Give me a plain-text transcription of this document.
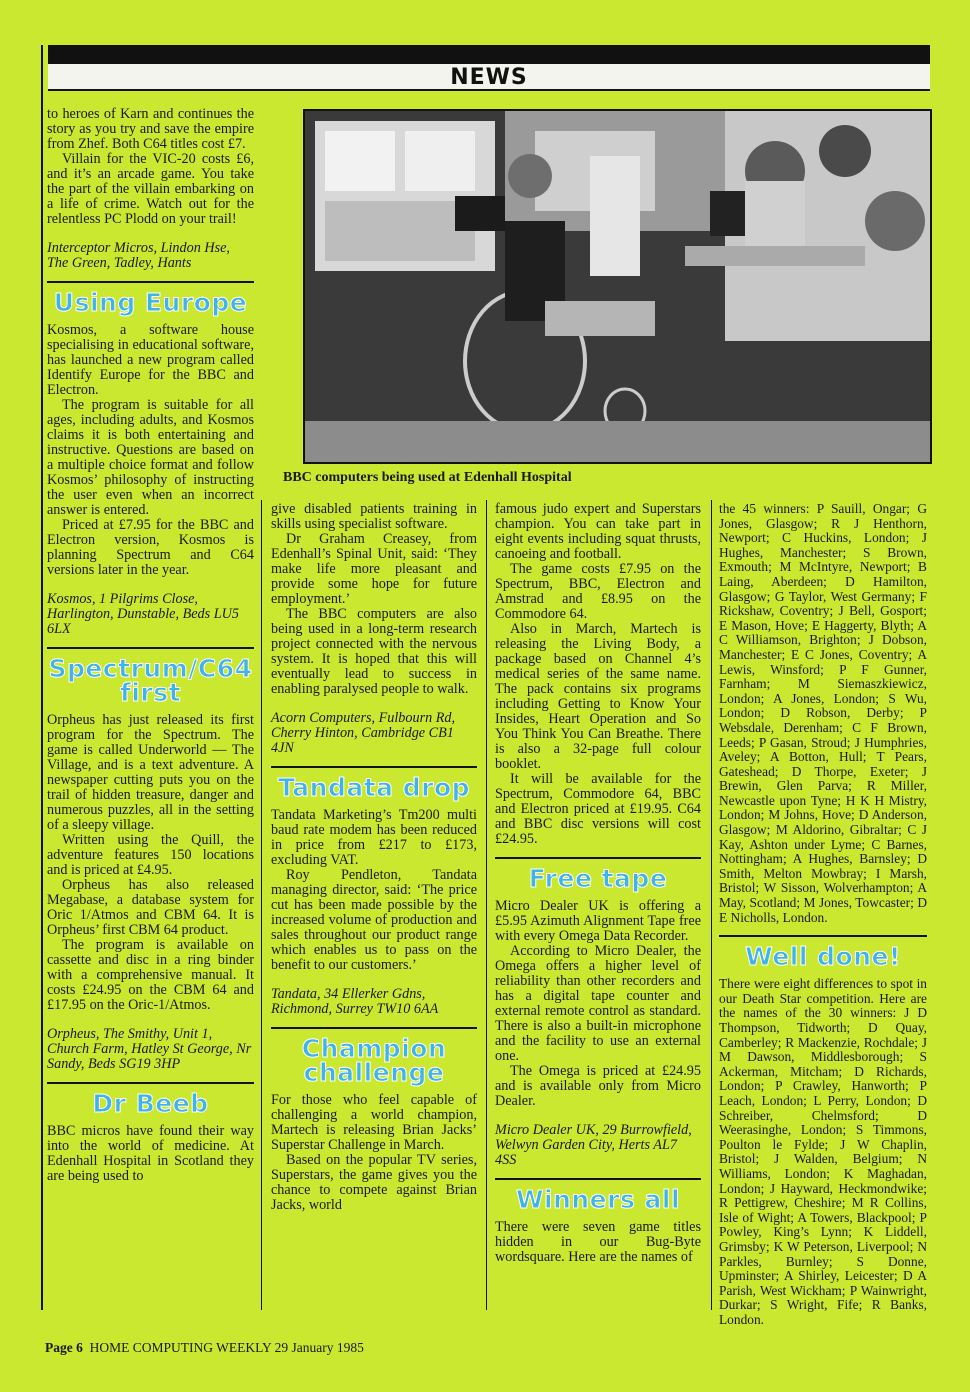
NEWS
BBC computers being used at Edenhall Hospital

to heroes of Karn and continues the story as you try and save the empire from Zhef. Both C64 titles cost £7.

Villain for the VIC-20 costs £6, and it’s an arcade game. You take the part of the villain embarking on a life of crime. Watch out for the relentless PC Plodd on your trail!

Interceptor Micros, Lindon Hse, The Green, Tadley, Hants

Using Europe

Kosmos, a software house specialising in educational software, has launched a new program called Identify Europe for the BBC and Electron.

The program is suitable for all ages, including adults, and Kosmos claims it is both entertaining and instructive. Questions are based on a multiple choice format and follow Kosmos’ philosophy of instructing the user even when an incorrect answer is entered.

Priced at £7.95 for the BBC and Electron version, Kosmos is planning Spectrum and C64 versions later in the year.

Kosmos, 1 Pilgrims Close, Harlington, Dunstable, Beds LU5 6LX

Spectrum/C64 first

Orpheus has just released its first program for the Spectrum. The game is called Underworld — The Village, and is a text adventure. A newspaper cutting puts you on the trail of hidden treasure, danger and numerous puzzles, all in the setting of a sleepy village.

Written using the Quill, the adventure features 150 locations and is priced at £4.95.

Orpheus has also released Megabase, a database system for Oric 1/Atmos and CBM 64. It is Orpheus’ first CBM 64 product.

The program is available on cassette and disc in a ring binder with a comprehensive manual. It costs £24.95 on the CBM 64 and £17.95 on the Oric-1/Atmos.

Orpheus, The Smithy, Unit 1, Church Farm, Hatley St George, Nr Sandy, Beds SG19 3HP

Dr Beeb

BBC micros have found their way into the world of medicine. At Edenhall Hospital in Scotland they are being used to

give disabled patients training in skills using specialist software.

Dr Graham Creasey, from Edenhall’s Spinal Unit, said: ‘They make life more pleasant and provide some hope for future employment.’

The BBC computers are also being used in a long-term research project connected with the nervous system. It is hoped that this will eventually lead to success in enabling paralysed people to walk.

Acorn Computers, Fulbourn Rd, Cherry Hinton, Cambridge CB1 4JN

Tandata drop

Tandata Marketing’s Tm200 multi baud rate modem has been reduced in price from £217 to £173, excluding VAT.

Roy Pendleton, Tandata managing director, said: ‘The price cut has been made possible by the increased volume of production and sales throughout our product range which enables us to pass on the benefit to our customers.’

Tandata, 34 Ellerker Gdns, Richmond, Surrey TW10 6AA

Champion challenge

For those who feel capable of challenging a world champion, Martech is releasing Brian Jacks’ Superstar Challenge in March.

Based on the popular TV series, Superstars, the game gives you the chance to compete against Brian Jacks, world

famous judo expert and Superstars champion. You can take part in eight events including squat thrusts, canoeing and football.

The game costs £7.95 on the Spectrum, BBC, Electron and Amstrad and £8.95 on the Commodore 64.

Also in March, Martech is releasing the Living Body, a package based on Channel 4’s medical series of the same name. The pack contains six programs including Getting to Know Your Insides, Heart Operation and So You Think You Can Breathe. There is also a 32-page full colour booklet.

It will be available for the Spectrum, Commodore 64, BBC and Electron priced at £19.95. C64 and BBC disc versions will cost £24.95.

Free tape

Micro Dealer UK is offering a £5.95 Azimuth Alignment Tape free with every Omega Data Recorder.

According to Micro Dealer, the Omega offers a higher level of reliability than other recorders and has a digital tape counter and external remote control as standard. There is also a built-in microphone and the facility to use an external one.

The Omega is priced at £24.95 and is available only from Micro Dealer.

Micro Dealer UK, 29 Burrowfield, Welwyn Garden City, Herts AL7 4SS

Winners all

There were seven game titles hidden in our Bug-Byte wordsquare. Here are the names of

the 45 winners: P Sauill, Ongar; G Jones, Glasgow; R J Henthorn, Newport; C Huckins, London; J Hughes, Manchester; S Brown, Exmouth; M McIntyre, Newport; B Laing, Aberdeen; D Hamilton, Glasgow; G Taylor, West Germany; F Rickshaw, Coventry; J Bell, Gosport; E Mason, Hove; E Haggerty, Blyth; A C Williamson, Brighton; J Dobson, Manchester; E C Jones, Coventry; A Lewis, Winsford; P F Gunner, Farnham; M Siemaszkiewicz, London; A Jones, London; S Wu, London; D Robson, Derby; P Websdale, Derenham; C F Brown, Leeds; P Gasan, Stroud; J Humphries, Aveley; A Botton, Hull; T Pears, Gateshead; D Thorpe, Exeter; J Brewin, Glen Parva; R Miller, Newcastle upon Tyne; H K H Mistry, London; M Johns, Hove; D Anderson, Glasgow; M Aldorino, Gibraltar; C J Kay, Ashton under Lyme; C Barnes, Nottingham; A Hughes, Barnsley; D Smith, Melton Mowbray; I Marsh, Bristol; W Sisson, Wolverhampton; A May, Scotland; M Jones, Towcaster; D E Nicholls, London.

Well done!

There were eight differences to spot in our Death Star competition. Here are the names of the 30 winners: J D Thompson, Tidworth; D Quay, Camberley; R Mackenzie, Rochdale; J M Dawson, Middlesborough; S Ackerman, Mitcham; D Richards, London; P Crawley, Hanworth; P Leach, London; L Perry, London; D Schreiber, Chelmsford; D Weerasinghe, London; S Timmons, Poulton le Fylde; J W Chaplin, Bristol; J Walden, Belgium; N Williams, London; K Maghadan, London; J Hayward, Heckmondwike; R Pettigrew, Cheshire; M R Collins, Isle of Wight; A Towers, Blackpool; P Powley, King’s Lynn; K Liddell, Grimsby; K W Peterson, Liverpool; N Parkles, Burnley; S Donne, Upminster; A Shirley, Leicester; D A Parish, West Wickham; P Wainwright, Durkar; S Wright, Fife; R Banks, London.

Page 6 HOME COMPUTING WEEKLY 29 January 1985
